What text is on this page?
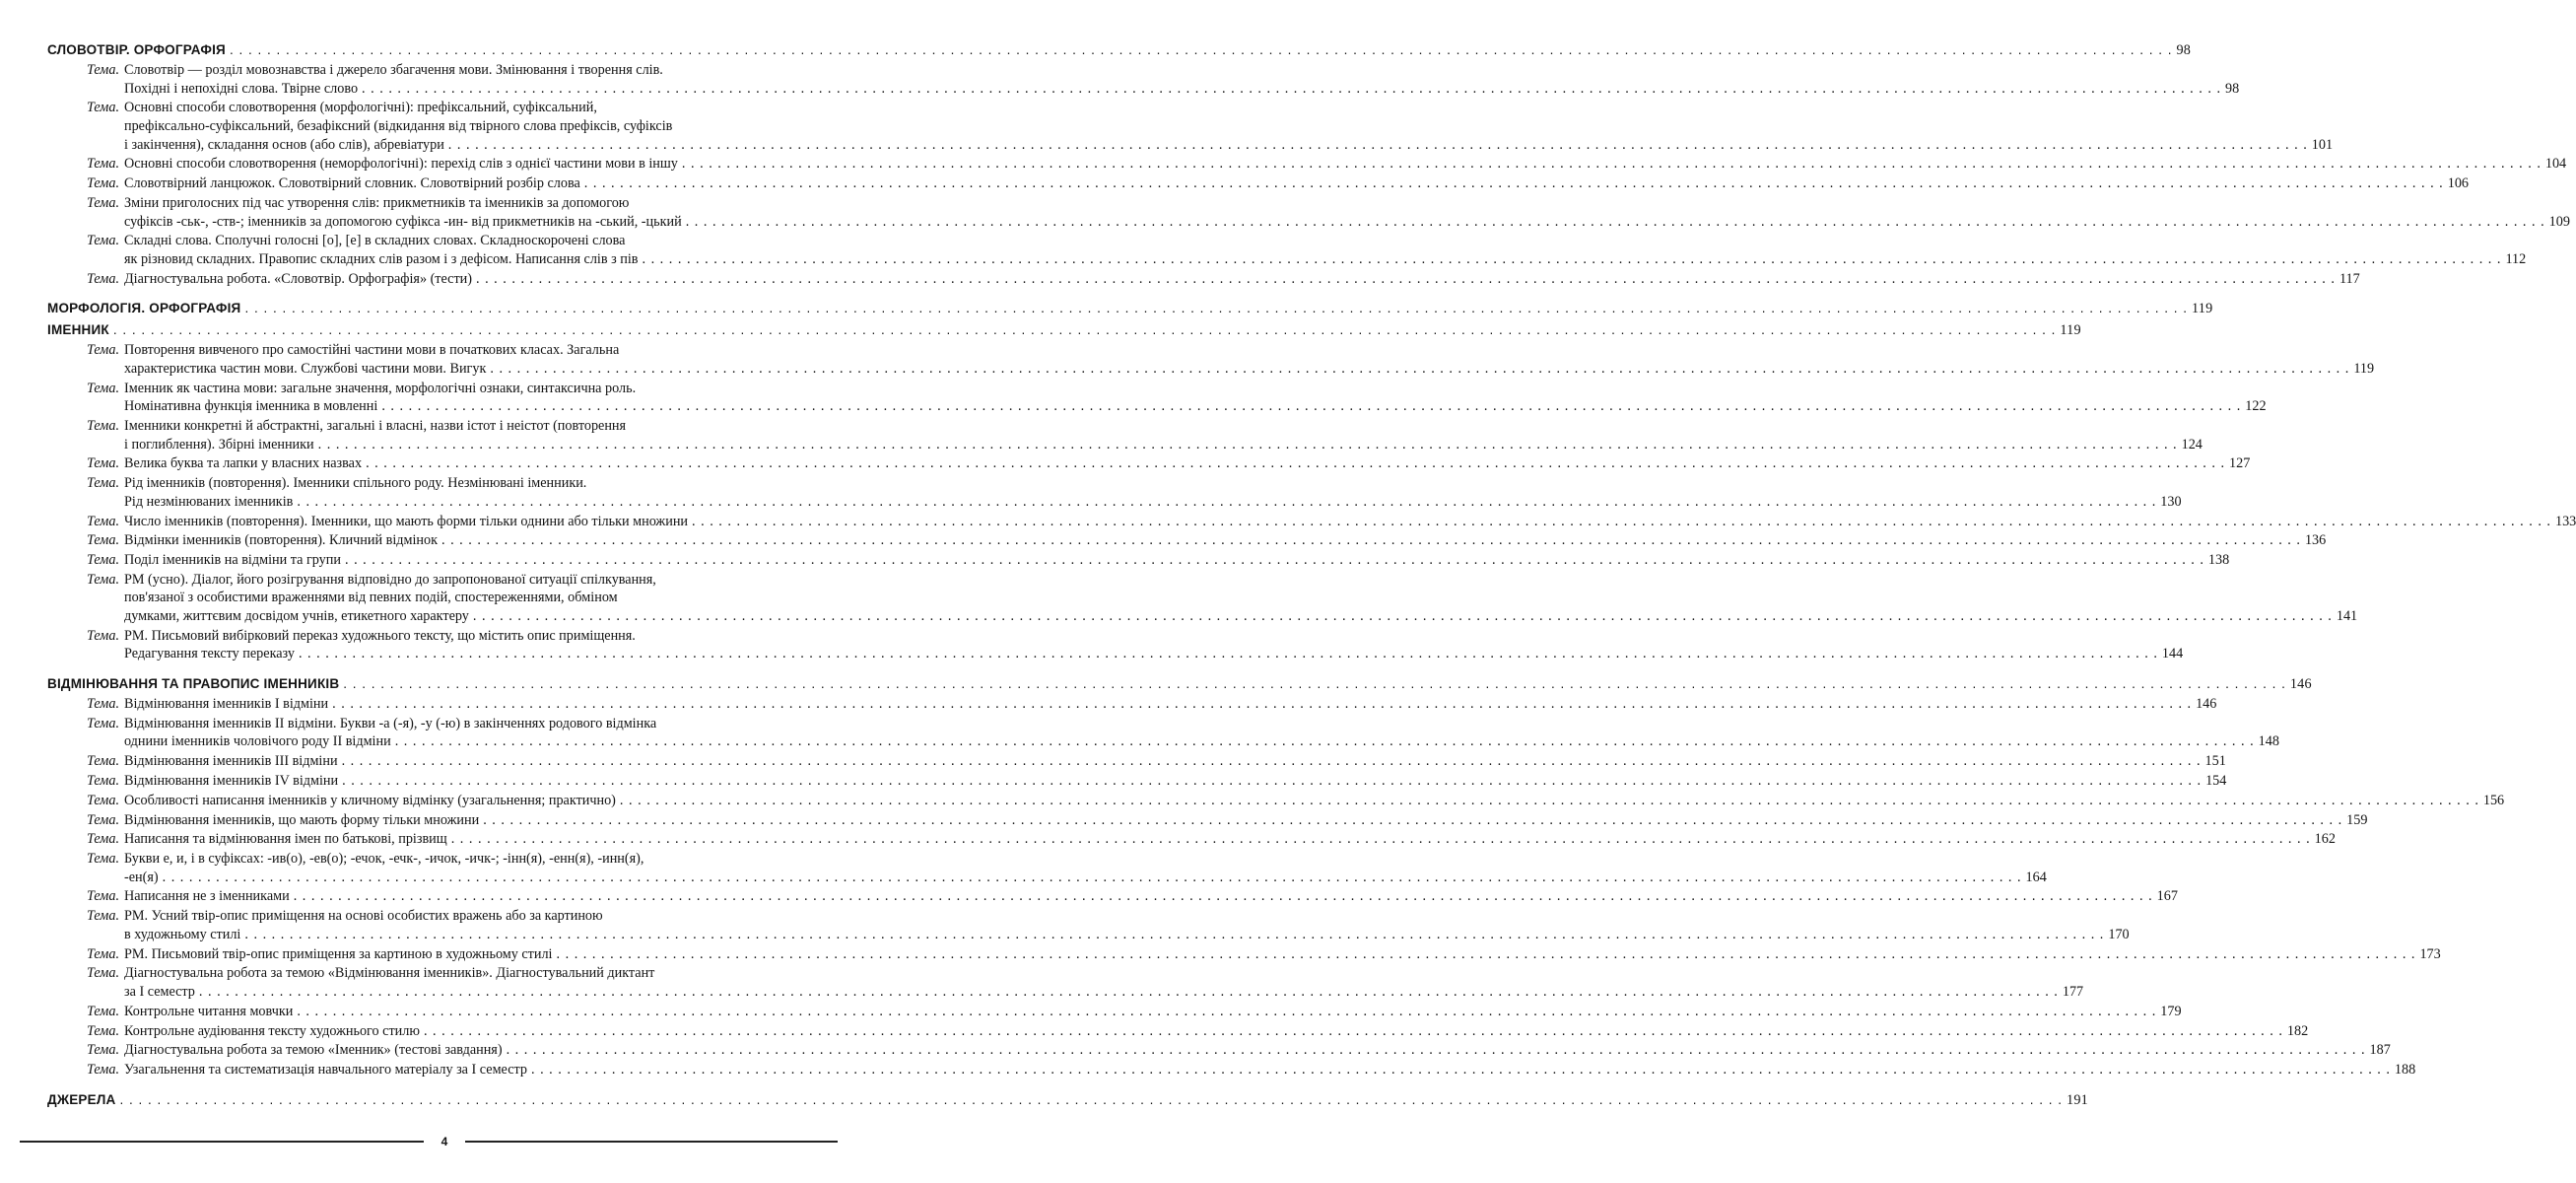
СЛОВОТВІР. ОРФОГРАФІЯ . . .	98
Тема. Словотвір — розділ мовознавства і джерело збагачення мови. Змінювання і творення слів.
Похідні і непохідні слова. Твірне слово . . .	98
Тема. Основні способи словотворення (морфологічні): префіксальний, суфіксальний,
префіксально-суфіксальний, безафіксний (відкидання від твірного слова префіксів, суфіксів
і закінчення), складання основ (або слів), абревіатури . . .	101
Тема. Основні способи словотворення (неморфологічні): перехід слів з однієї частини мови в іншу . . .	104
Тема. Словотвірний ланцюжок. Словотвірний словник. Словотвірний розбір слова . . .	106
Тема. Зміни приголосних під час утворення слів: прикметників та іменників за допомогою
суфіксів -ськ-, -ств-; іменників за допомогою суфікса -ин- від прикметників на -ський, -цький . . .	109
Тема. Складні слова. Сполучні голосні [о], [е] в складних словах. Складноскорочені слова
як різновид складних. Правопис складних слів разом і з дефісом. Написання слів з пів . . .	112
Тема. Діагностувальна робота. «Словотвір. Орфографія» (тести) . . .	117
МОРФОЛОГІЯ. ОРФОГРАФІЯ . . .	119
ІМЕННИК . . .	119
Тема. Повторення вивченого про самостійні частини мови в початкових класах. Загальна
характеристика частин мови. Службові частини мови. Вигук . . .	119
Тема. Іменник як частина мови: загальне значення, морфологічні ознаки, синтаксична роль.
Номінативна функція іменника в мовленні . . .	122
Тема. Іменники конкретні й абстрактні, загальні і власні, назви істот і неістот (повторення
і поглиблення). Збірні іменники . . .	124
Тема. Велика буква та лапки у власних назвах . . .	127
Тема. Рід іменників (повторення). Іменники спільного роду. Незмінювані іменники.
Рід незмінюваних іменників . . .	130
Тема. Число іменників (повторення). Іменники, що мають форми тільки однини або тільки множини . . .	133
Тема. Відмінки іменників (повторення). Кличний відмінок . . .	136
Тема. Поділ іменників на відміни та групи . . .	138
Тема. РМ (усно). Діалог, його розігрування відповідно до запропонованої ситуації спілкування,
пов'язаної з особистими враженнями від певних подій, спостереженнями, обміном
думками, життєвим досвідом учнів, етикетного характеру . . .	141
Тема. РМ. Письмовий вибірковий переказ художнього тексту, що містить опис приміщення.
Редагування тексту переказу . . .	144
ВІДМІНЮВАННЯ ТА ПРАВОПИС ІМЕННИКІВ . . .	146
Тема. Відмінювання іменників І відміни . . .	146
Тема. Відмінювання іменників II відміни. Букви -а (-я), -у (-ю) в закінченнях родового відмінка
однини іменників чоловічого роду II відміни . . .	148
Тема. Відмінювання іменників III відміни . . .	151
Тема. Відмінювання іменників IV відміни . . .	154
Тема. Особливості написання іменників у кличному відмінку (узагальнення; практично) . . .	156
Тема. Відмінювання іменників, що мають форму тільки множини . . .	159
Тема. Написання та відмінювання імен по батькові, прізвищ . . .	162
Тема. Букви е, и, і в суфіксах: -ив(о), -ев(о); -ечок, -ечк-, -ичок, -ичк-; -інн(я), -енн(я), -инн(я),
-ен(я) . . .	164
Тема. Написання не з іменниками . . .	167
Тема. РМ. Усний твір-опис приміщення на основі особистих вражень або за картиною
в художньому стилі . . .	170
Тема. РМ. Письмовий твір-опис приміщення за картиною в художньому стилі . . .	173
Тема. Діагностувальна робота за темою «Відмінювання іменників». Діагностувальний диктант
за І семестр . . .	177
Тема. Контрольне читання мовчки . . .	179
Тема. Контрольне аудіювання тексту художнього стилю . . .	182
Тема. Діагностувальна робота за темою «Іменник» (тестові завдання) . . .	187
Тема. Узагальнення та систематизація навчального матеріалу за І семестр . . .	188
ДЖЕРЕЛА . . .	191
4
